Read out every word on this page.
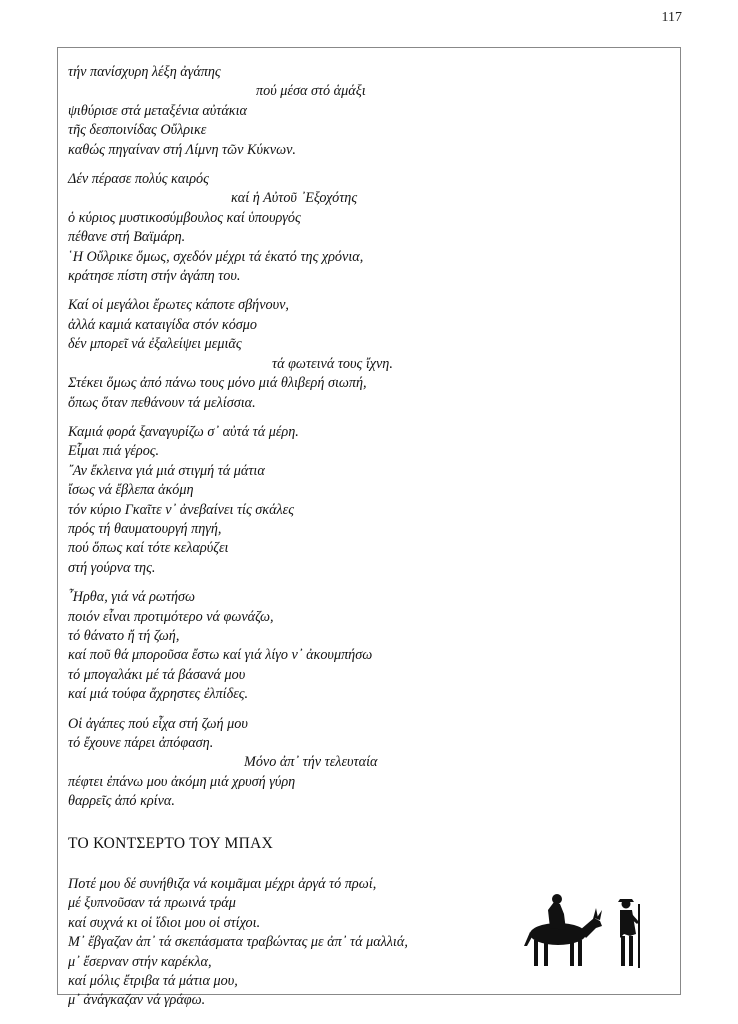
117
τήν πανίσχυρη λέξη ἀγάπης
πού μέσα στό ἁμάξι
ψιθύρισε στά μεταξένια αὐτάκια
τῆς δεσποινίδας Οὔλρικε
καθώς πηγαίναν στή Λίμνη τῶν Κύκνων.
Δέν πέρασε πολύς καιρός
καί ἡ Αὐτοῦ ᾽Εξοχότης
ὁ κύριος μυστικοσύμβουλος καί ὑπουργός
πέθανε στή Βαϊμάρη.
῾Η Οὔλρικε ὅμως, σχεδόν μέχρι τά ἑκατό της χρόνια,
κράτησε πίστη στήν ἀγάπη του.
Καί οἱ μεγάλοι ἔρωτες κάποτε σβήνουν,
ἀλλά καμιά καταιγίδα στόν κόσμο
δέν μπορεῖ νά ἐξαλείψει μεμιᾶς
τά φωτεινά τους ἴχνη.
Στέκει ὅμως ἀπό πάνω τους μόνο μιά θλιβερή σιωπή,
ὅπως ὅταν πεθάνουν τά μελίσσια.
Καμιά φορά ξαναγυρίζω σ᾽ αὐτά τά μέρη.
Εἶμαι πιά γέρος.
῎Αν ἔκλεινα γιά μιά στιγμή τά μάτια
ἴσως νά ἔβλεπα ἀκόμη
τόν κύριο Γκαῖτε ν᾽ ἀνεβαίνει τίς σκάλες
πρός τή θαυματουργή πηγή,
πού ὅπως καί τότε κελαρύζει
στή γούρνα της.
῏Ηρθα, γιά νά ρωτήσω
ποιόν εἶναι προτιμότερο νά φωνάζω,
τό θάνατο ἤ τή ζωή,
καί ποῦ θά μποροῦσα ἔστω καί γιά λίγο ν᾽ ἀκουμπήσω
τό μπογαλάκι μέ τά βάσανά μου
καί μιά τούφα ἄχρηστες ἐλπίδες.
Οἱ ἀγάπες πού εἶχα στή ζωή μου
τό ἔχουνε πάρει ἀπόφαση.
Μόνο ἀπ᾽ τήν τελευταία
πέφτει ἐπάνω μου ἀκόμη μιά χρυσή γύρη
θαρρεῖς ἀπό κρίνα.
ΤΟ ΚΟΝΤΣΕΡΤΟ ΤΟΥ ΜΠΑΧ
Ποτέ μου δέ συνήθιζα νά κοιμᾶμαι μέχρι ἀργά τό πρωί,
μέ ξυπνοῦσαν τά πρωινά τράμ
καί συχνά κι οἱ ἴδιοι μου οἱ στίχοι.
Μ᾽ ἔβγαζαν ἀπ᾽ τά σκεπάσματα τραβώντας με ἀπ᾽ τά μαλλιά,
μ᾽ ἔσερναν στήν καρέκλα,
καί μόλις ἔτριβα τά μάτια μου,
μ᾽ ἀνάγκαζαν νά γράφω.
